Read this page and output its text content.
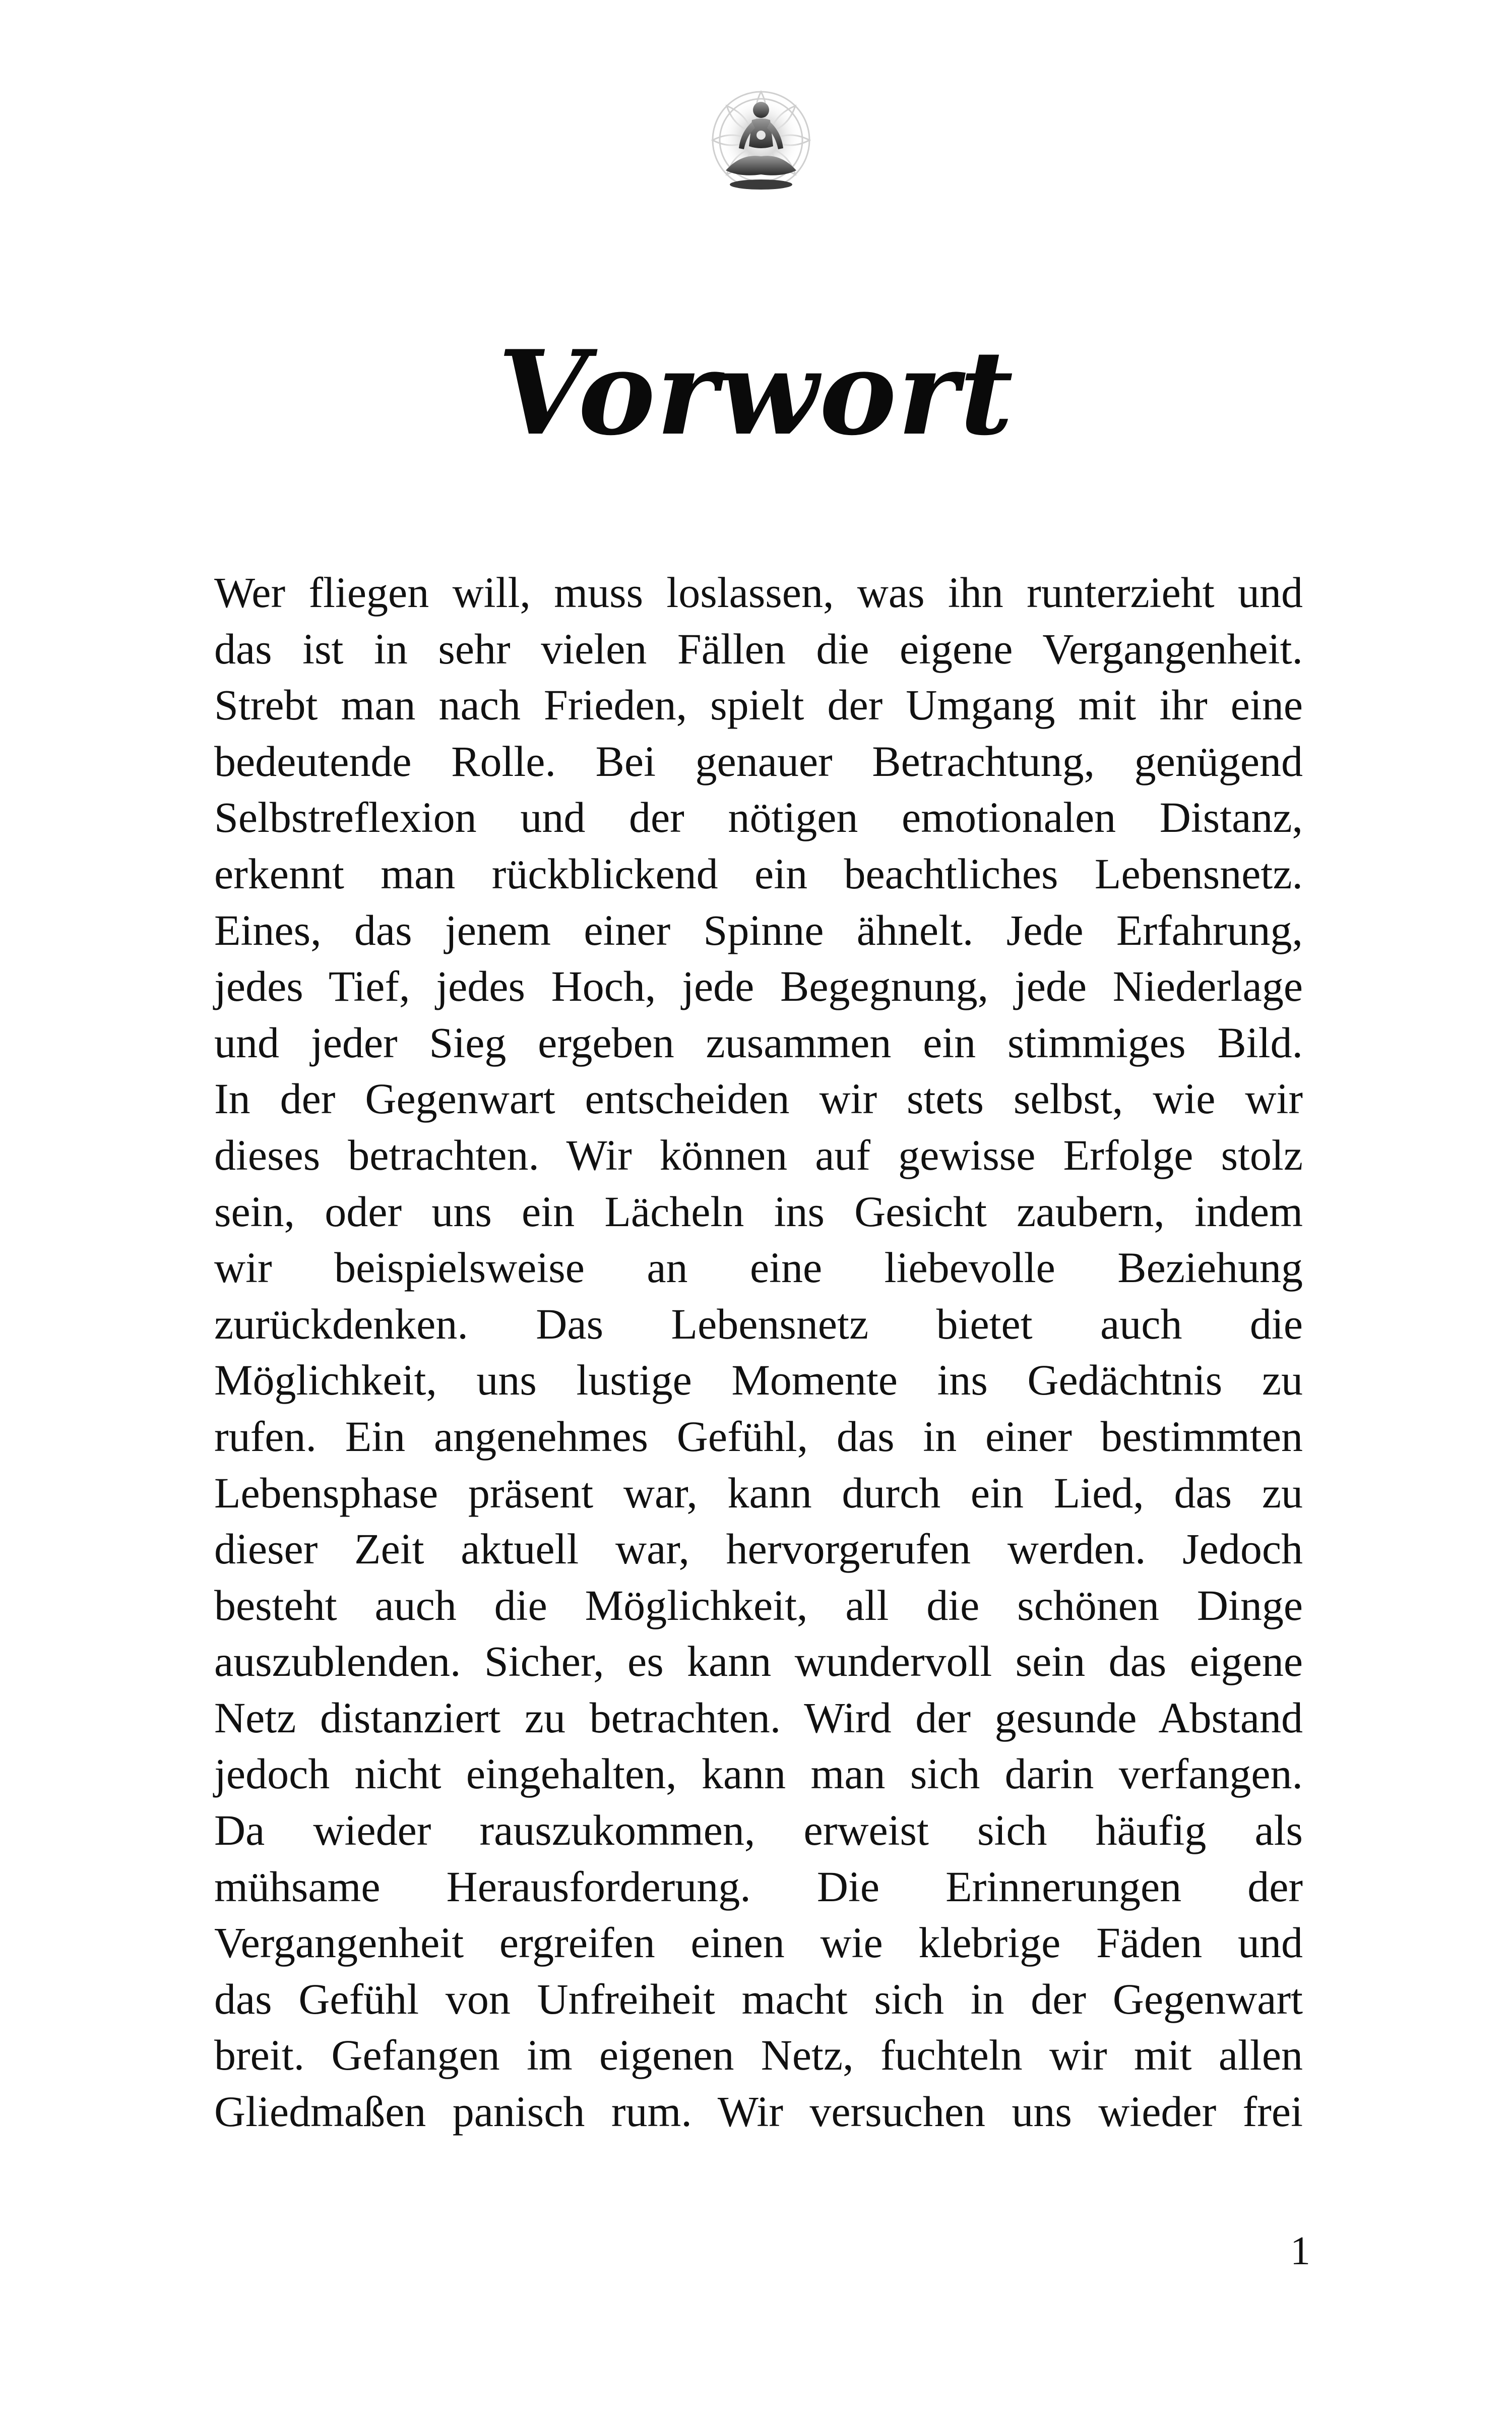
Vorwort
Wer fliegen will, muss loslassen, was ihn runterzieht und
das ist in sehr vielen Fällen die eigene Vergangenheit.
Strebt man nach Frieden, spielt der Umgang mit ihr eine
bedeutende Rolle. Bei genauer Betrachtung, genügend
Selbstreflexion und der nötigen emotionalen Distanz,
erkennt man rückblickend ein beachtliches Lebensnetz.
Eines, das jenem einer Spinne ähnelt. Jede Erfahrung,
jedes Tief, jedes Hoch, jede Begegnung, jede Niederlage
und jeder Sieg ergeben zusammen ein stimmiges Bild.
In der Gegenwart entscheiden wir stets selbst, wie wir
dieses betrachten. Wir können auf gewisse Erfolge stolz
sein, oder uns ein Lächeln ins Gesicht zaubern, indem
wir beispielsweise an eine liebevolle Beziehung
zurückdenken. Das Lebensnetz bietet auch die
Möglichkeit, uns lustige Momente ins Gedächtnis zu
rufen. Ein angenehmes Gefühl, das in einer bestimmten
Lebensphase präsent war, kann durch ein Lied, das zu
dieser Zeit aktuell war, hervorgerufen werden. Jedoch
besteht auch die Möglichkeit, all die schönen Dinge
auszublenden. Sicher, es kann wundervoll sein das eigene
Netz distanziert zu betrachten. Wird der gesunde Abstand
jedoch nicht eingehalten, kann man sich darin verfangen.
Da wieder rauszukommen, erweist sich häufig als
mühsame Herausforderung. Die Erinnerungen der
Vergangenheit ergreifen einen wie klebrige Fäden und
das Gefühl von Unfreiheit macht sich in der Gegenwart
breit. Gefangen im eigenen Netz, fuchteln wir mit allen
Gliedmaßen panisch rum. Wir versuchen uns wieder frei
1
